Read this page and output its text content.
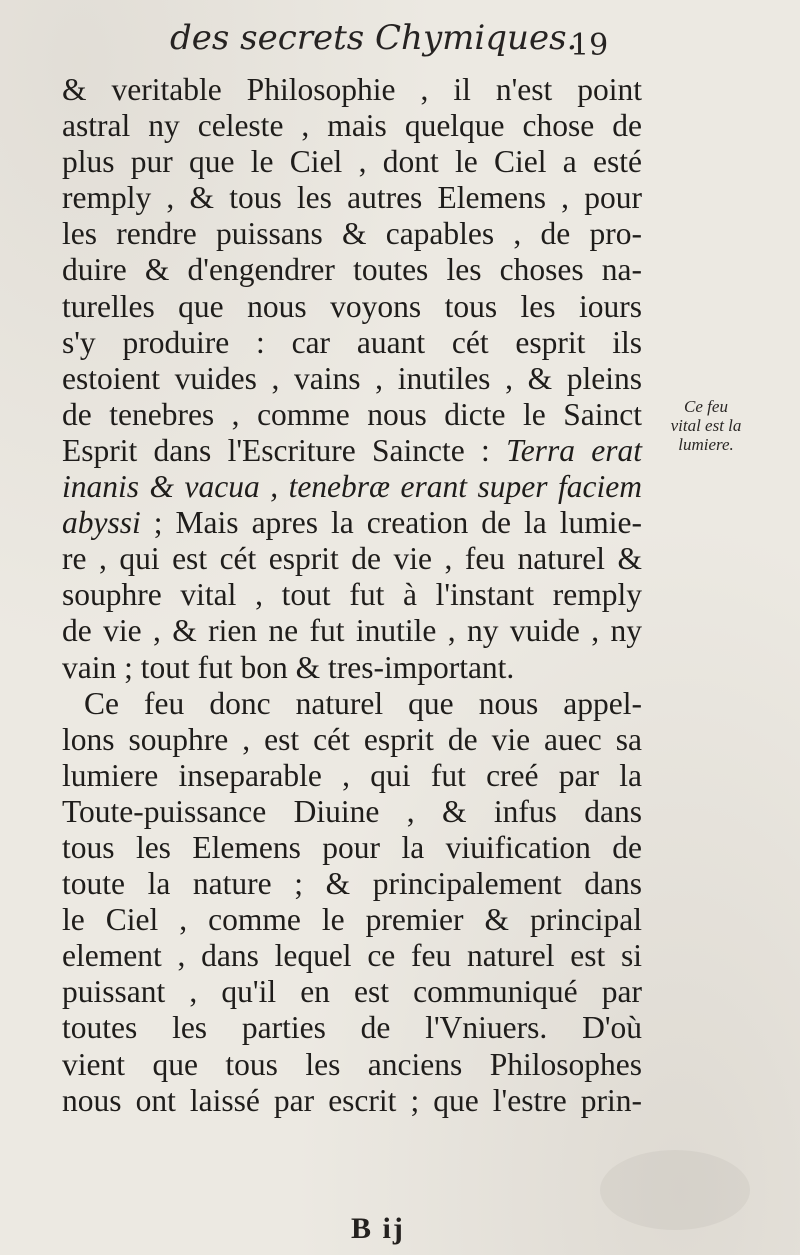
des secrets Chymiques.
19
& veritable Philosophie , il n'est point
astral ny celeste , mais quelque chose de
plus pur que le Ciel , dont le Ciel a esté
remply , & tous les autres Elemens , pour
les rendre puissans & capables , de pro-
duire & d'engendrer toutes les choses na-
turelles que nous voyons tous les iours
s'y produire : car auant cét esprit ils
estoient vuides , vains , inutiles , & pleins
de tenebres , comme nous dicte le Sainct
Esprit dans l'Escriture Saincte : Terra erat
inanis & vacua , tenebræ erant super faciem
abyssi ; Mais apres la creation de la lumie-
re , qui est cét esprit de vie , feu naturel &
souphre vital , tout fut à l'instant remply
de vie , & rien ne fut inutile , ny vuide , ny
vain ; tout fut bon & tres-important.
Ce feu donc naturel que nous appel-
lons souphre , est cét esprit de vie auec sa
lumiere inseparable , qui fut creé par la
Toute-puissance Diuine , & infus dans
tous les Elemens pour la viuification de
toute la nature ; & principalement dans
le Ciel , comme le premier & principal
element , dans lequel ce feu naturel est si
puissant , qu'il en est communiqué par
toutes les parties de l'Vniuers. D'où
vient que tous les anciens Philosophes
nous ont laissé par escrit ; que l'estre prin-
Ce feu
vital est la
lumiere.
B ij
